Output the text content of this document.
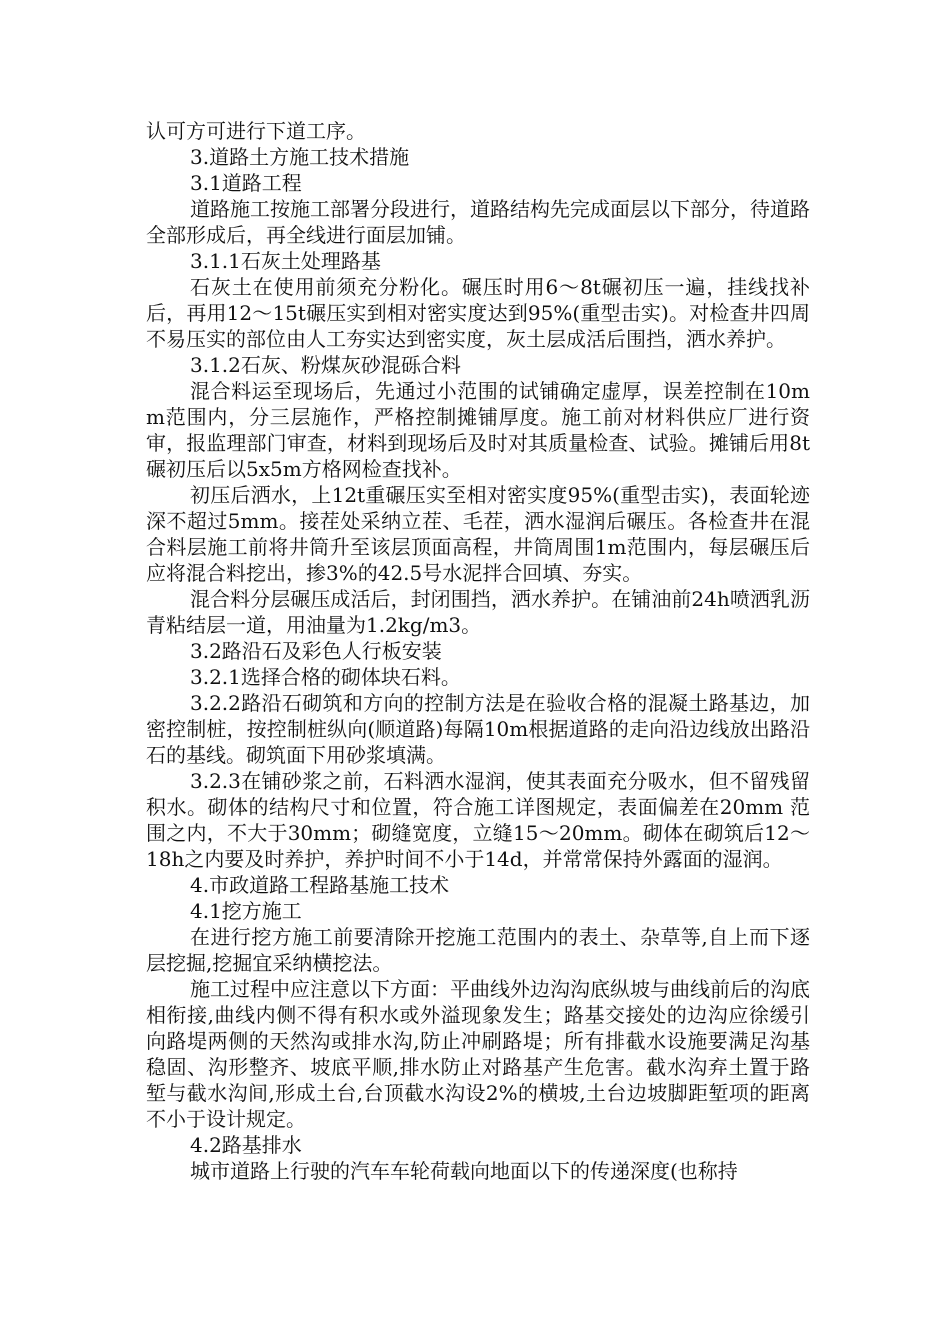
认可方可进行下道工序。

3.道路土方施工技术措施

3.1道路工程

道路施工按施工部署分段进行，道路结构先完成面层以下部分，待道路全部形成后，再全线进行面层加铺。

3.1.1石灰土处理路基

石灰土在使用前须充分粉化。碾压时用6～8t碾初压一遍，挂线找补后，再用12～15t碾压实到相对密实度达到95%(重型击实)。对检查井四周不易压实的部位由人工夯实达到密实度，灰土层成活后围挡，洒水养护。

3.1.2石灰、粉煤灰砂混砾合料

混合料运至现场后，先通过小范围的试铺确定虚厚，误差控制在10mm范围内，分三层施作，严格控制摊铺厚度。施工前对材料供应厂进行资审，报监理部门审查，材料到现场后及时对其质量检查、试验。摊铺后用8t碾初压后以5x5m方格网检查找补。

初压后洒水，上12t重碾压实至相对密实度95%(重型击实)，表面轮迹深不超过5mm。接茬处采纳立茬、毛茬，洒水湿润后碾压。各检查井在混合料层施工前将井筒升至该层顶面高程，井筒周围1m范围内，每层碾压后应将混合料挖出，掺3%的42.5号水泥拌合回填、夯实。

混合料分层碾压成活后，封闭围挡，洒水养护。在铺油前24h喷洒乳沥青粘结层一道，用油量为1.2kg/m3。

3.2路沿石及彩色人行板安装

3.2.1选择合格的砌体块石料。

3.2.2路沿石砌筑和方向的控制方法是在验收合格的混凝土路基边，加密控制桩，按控制桩纵向(顺道路)每隔10m根据道路的走向沿边线放出路沿石的基线。砌筑面下用砂浆填满。

3.2.3在铺砂浆之前，石料洒水湿润，使其表面充分吸水，但不留残留积水。砌体的结构尺寸和位置，符合施工详图规定，表面偏差在20mm 范围之内，不大于30mm；砌缝宽度，立缝15～20mm。砌体在砌筑后12～18h之内要及时养护，养护时间不小于14d，并常常保持外露面的湿润。

4.市政道路工程路基施工技术

4.1挖方施工

在进行挖方施工前要清除开挖施工范围内的表土、杂草等,自上而下逐层挖掘,挖掘宜采纳横挖法。

施工过程中应注意以下方面：平曲线外边沟沟底纵坡与曲线前后的沟底相衔接,曲线内侧不得有积水或外溢现象发生；路基交接处的边沟应徐缓引向路堤两侧的天然沟或排水沟,防止冲刷路堤；所有排截水设施要满足沟基稳固、沟形整齐、坡底平顺,排水防止对路基产生危害。截水沟弃土置于路堑与截水沟间,形成土台,台顶截水沟设2%的横坡,土台边坡脚距堑项的距离不小于设计规定。

4.2路基排水

城市道路上行驶的汽车车轮荷载向地面以下的传递深度(也称持
